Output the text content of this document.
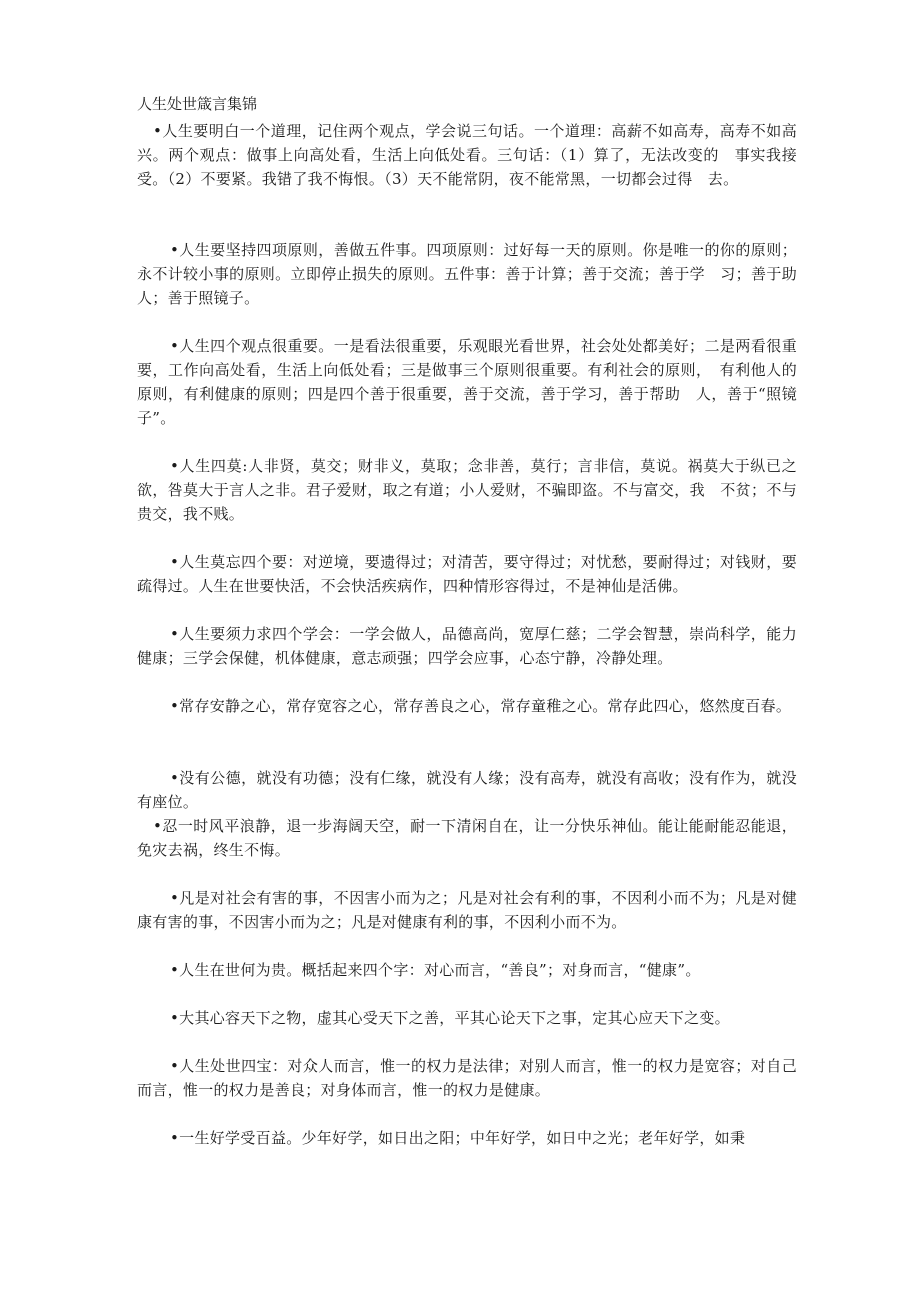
人生处世箴言集锦

•人生要明白一个道理，记住两个观点，学会说三句话。一个道理：高薪不如高寿，高寿不如高兴。两个观点：做事上向高处看，生活上向低处看。三句话：（1）算了，无法改变的　事实我接受。（2）不要紧。我错了我不悔恨。（3）天不能常阴，夜不能常黑，一切都会过得　去。

•人生要坚持四项原则，善做五件事。四项原则：过好每一天的原则。你是唯一的你的原则；永不计较小事的原则。立即停止损失的原则。五件事：善于计算；善于交流；善于学　习；善于助人；善于照镜子。

•人生四个观点很重要。一是看法很重要，乐观眼光看世界，社会处处都美好；二是两看很重要，工作向高处看，生活上向低处看；三是做事三个原则很重要。有利社会的原则，　有利他人的原则，有利健康的原则；四是四个善于很重要，善于交流，善于学习，善于帮助　人，善于“照镜子”。

•人生四莫:人非贤，莫交；财非义，莫取；念非善，莫行；言非信，莫说。祸莫大于纵已之欲，咎莫大于言人之非。君子爱财，取之有道；小人爱财，不骗即盗。不与富交，我　不贫；不与贵交，我不贱。

•人生莫忘四个要：对逆境，要遗得过；对清苦，要守得过；对忧愁，要耐得过；对钱财，要疏得过。人生在世要快活，不会快活疾病作，四种情形容得过，不是神仙是活佛。

•人生要须力求四个学会：一学会做人，品德高尚，宽厚仁慈；二学会智慧，崇尚科学，能力健康；三学会保健，机体健康，意志顽强；四学会应事，心态宁静，冷静处理。

•常存安静之心，常存宽容之心，常存善良之心，常存童稚之心。常存此四心，悠然度百春。

•没有公德，就没有功德；没有仁缘，就没有人缘；没有高寿，就没有高收；没有作为，就没有座位。

•忍一时风平浪静，退一步海阔天空，耐一下清闲自在，让一分快乐神仙。能让能耐能忍能退，免灾去祸，终生不悔。

•凡是对社会有害的事，不因害小而为之；凡是对社会有利的事，不因利小而不为；凡是对健康有害的事，不因害小而为之；凡是对健康有利的事，不因利小而不为。

•人生在世何为贵。概括起来四个字：对心而言，“善良”；对身而言，“健康”。

•大其心容天下之物，虚其心受天下之善，平其心论天下之事，定其心应天下之变。

•人生处世四宝：对众人而言，惟一的权力是法律；对别人而言，惟一的权力是宽容；对自己而言，惟一的权力是善良；对身体而言，惟一的权力是健康。

•一生好学受百益。少年好学，如日出之阳；中年好学，如日中之光；老年好学，如秉
